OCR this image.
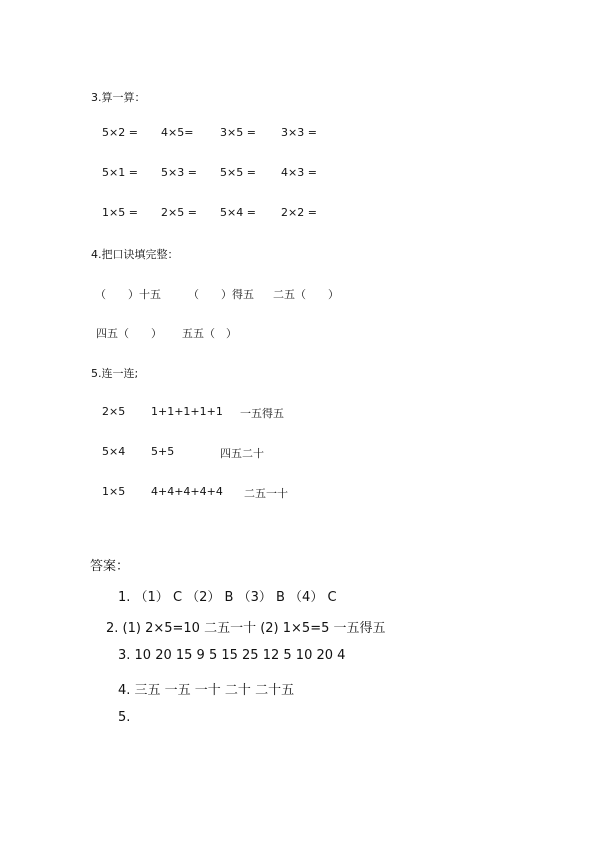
3.算一算：
5×2 = 4×5= 3×5 = 3×3 =
5×1 = 5×3 = 5×5 = 4×3 =
1×5 = 2×5 = 5×4 = 2×2 =
4.把口诀填完整：
（　　）十五 （　　）得五 二五（　　）
四五（　　） 五五（　）
5.连一连;
2×5 1+1+1+1+1 一五得五
5×4 5+5	四五二十
1×5 4+4+4+4+4 二五一十
答案：
1. （1） C （2） B （3） B （4） C
2. (1) 2×5=10 二五一十 (2) 1×5=5 一五得五
3. 10 20 15 9 5 15 25 12 5 10 20 4
4. 三五 一五 一十 二十 二十五
5.
